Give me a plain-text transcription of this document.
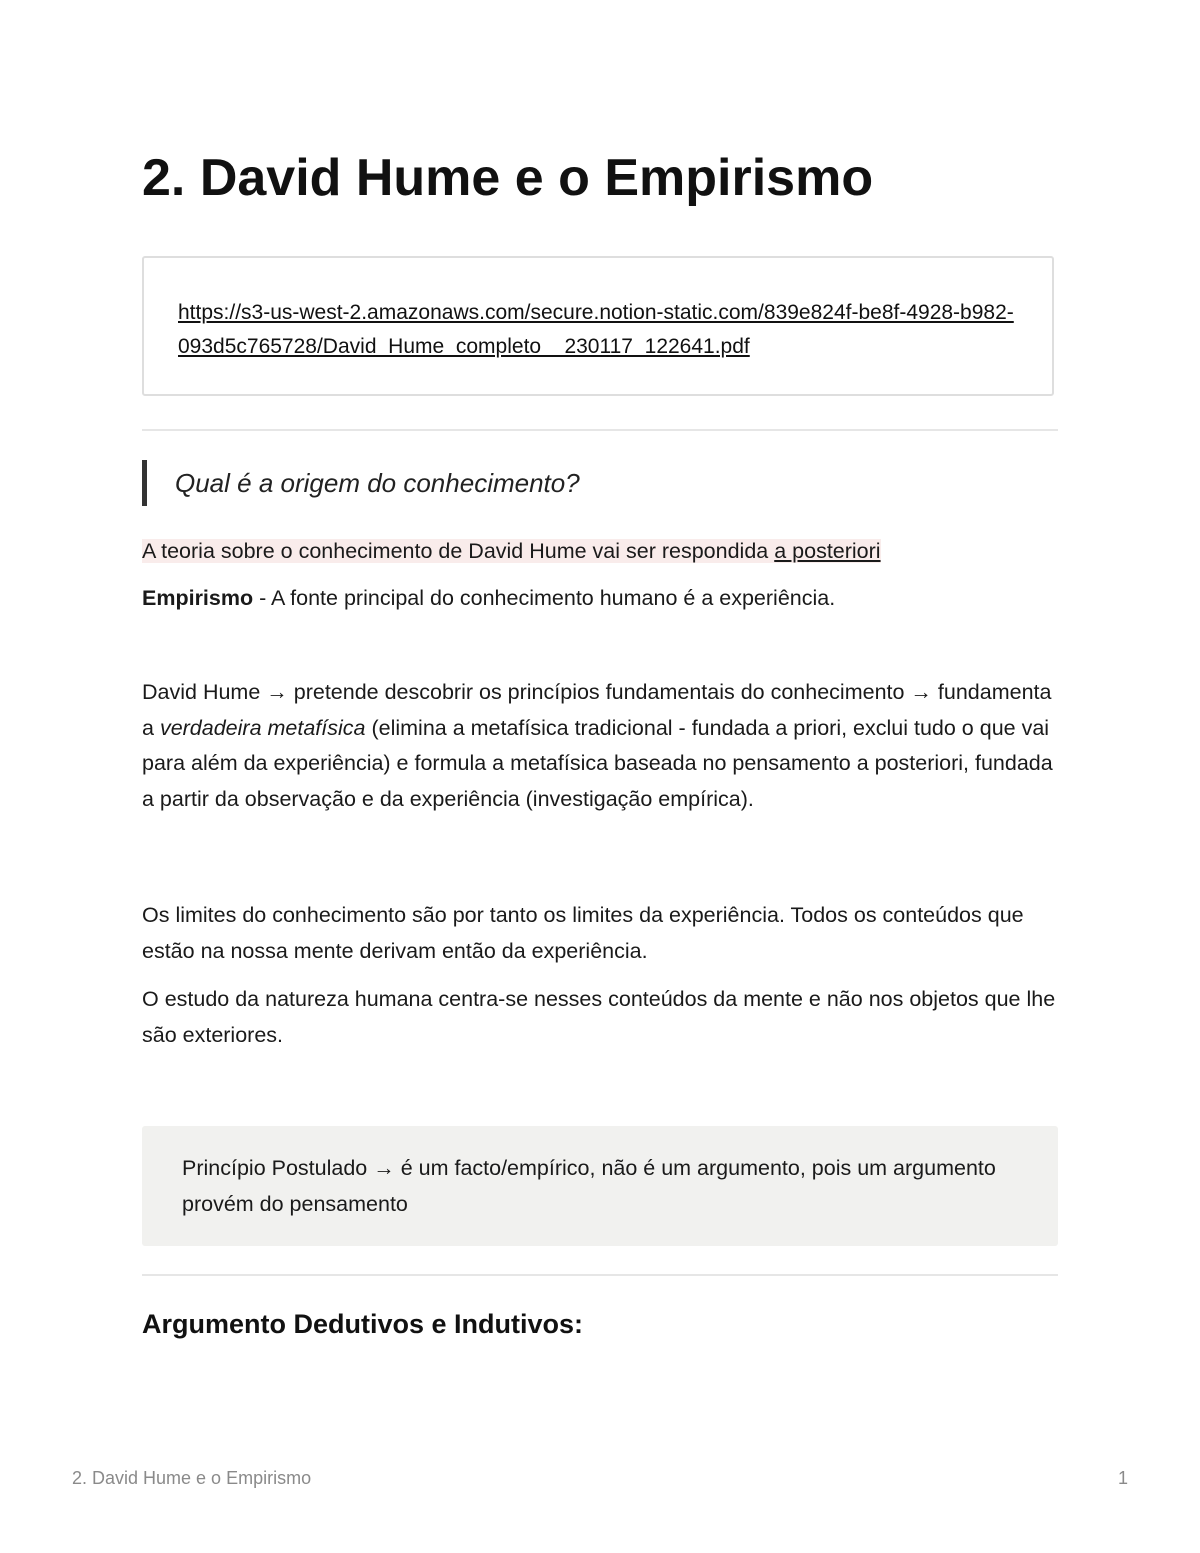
2. David Hume e o Empirismo
https://s3-us-west-2.amazonaws.com/secure.notion-static.com/839e824f-be8f-4928-b982-093d5c765728/David_Hume_completo__230117_122641.pdf
Qual é a origem do conhecimento?

A teoria sobre o conhecimento de David Hume vai ser respondida a posteriori

Empirismo - A fonte principal do conhecimento humano é a experiência.

David Hume → pretende descobrir os princípios fundamentais do conhecimento → fundamenta a verdadeira metafísica (elimina a metafísica tradicional - fundada a priori, exclui tudo o que vai para além da experiência) e formula a metafísica baseada no pensamento a posteriori, fundada a partir da observação e da experiência (investigação empírica).

Os limites do conhecimento são por tanto os limites da experiência. Todos os conteúdos que estão na nossa mente derivam então da experiência.

O estudo da natureza humana centra-se nesses conteúdos da mente e não nos objetos que lhe são exteriores.

Princípio Postulado → é um facto/empírico, não é um argumento, pois um argumento provém do pensamento
Argumento Dedutivos e Indutivos:
2. David Hume e o Empirismo	1
